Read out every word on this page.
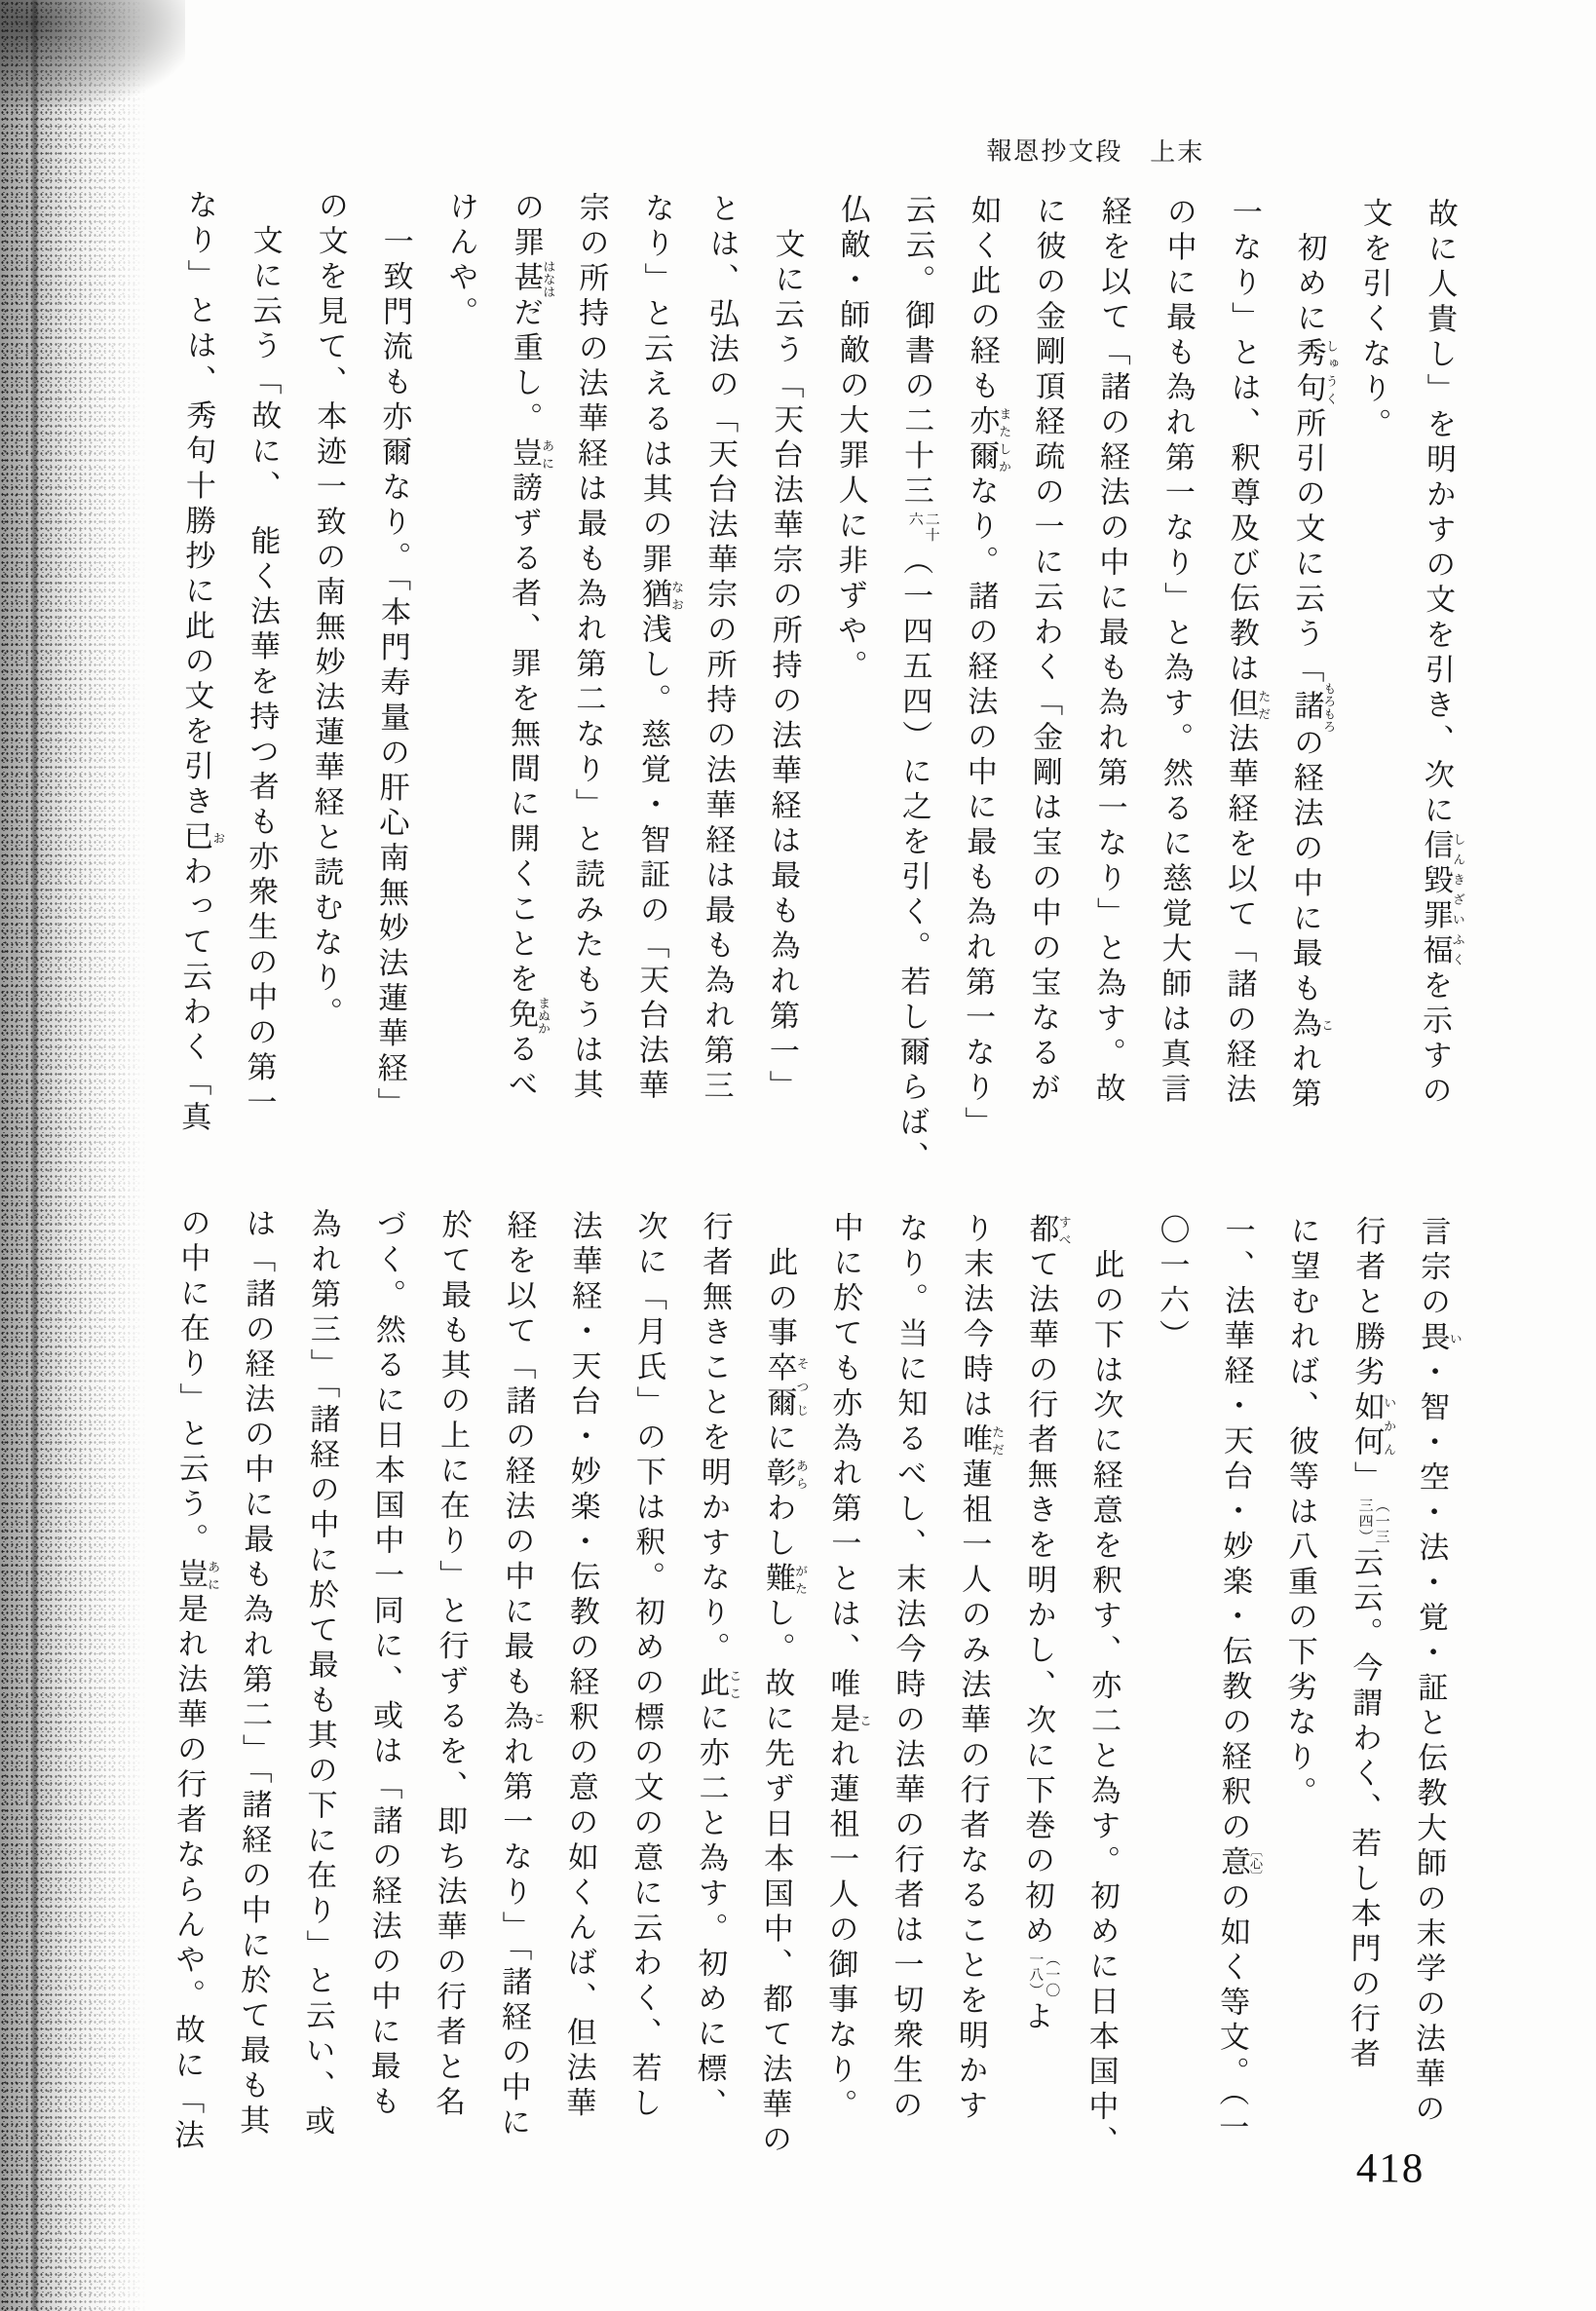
報恩抄文段　上末
故に人貴し」を明かすの文を引き、次に信毀罪福しんきざいふくを示すの
文を引くなり。
　初めに秀句しゅうく所引の文に云う「諸もろもろの経法の中に最も為これ第
一なり」とは、釈尊及び伝教は但ただ法華経を以て「諸の経法
の中に最も為れ第一なり」と為す。然るに慈覚大師は真言
経を以て「諸の経法の中に最も為れ第一なり」と為す。故
に彼の金剛頂経疏の一に云わく「金剛は宝の中の宝なるが
如く此の経も亦爾またしかなり。諸の経法の中に最も為れ第一なり」
云云。御書の二十三
二十
六
（一四五四）に之を引く。若し爾らば、
仏敵・師敵の大罪人に非ずや。
　文に云う「天台法華宗の所持の法華経は最も為れ第一」
とは、弘法の「天台法華宗の所持の法華経は最も為れ第三
なり」と云えるは其の罪猶なお浅し。慈覚・智証の「天台法華
宗の所持の法華経は最も為れ第二なり」と読みたもうは其
の罪甚はなはだ重し。豈あに謗ずる者、罪を無間に開くことを免まぬかるべ
けんや。
　一致門流も亦爾なり。「本門寿量の肝心南無妙法蓮華経」
の文を見て、本迹一致の南無妙法蓮華経と読むなり。
　文に云う「故に、　能く法華を持つ者も亦衆生の中の第一
なり」とは、秀句十勝抄に此の文を引き已おわって云わく「真
言宗の畏い・智・空・法・覚・証と伝教大師の末学の法華の
行者と勝劣如何いかん」
（一三
三四）
云云。今謂わく、若し本門の行者
に望むれば、彼等は八重の下劣なり。
一、法華経・天台・妙楽・伝教の経釈の意〔心〕の如く等文。（一
〇一六）
　此の下は次に経意を釈す、亦二と為す。初めに日本国中、
都すべて法華の行者無きを明かし、次に下巻の初め
（一〇
一八）
よ
り末法今時は唯ただ蓮祖一人のみ法華の行者なることを明かす
なり。当に知るべし、末法今時の法華の行者は一切衆生の
中に於ても亦為れ第一とは、唯是これ蓮祖一人の御事なり。
　此の事卒爾そつじに彰あらわし難がたし。故に先ず日本国中、都て法華の
行者無きことを明かすなり。此ここに亦二と為す。初めに標、
次に「月氏」の下は釈。初めの標の文の意に云わく、若し
法華経・天台・妙楽・伝教の経釈の意の如くんば、但法華
経を以て「諸の経法の中に最も為これ第一なり」「諸経の中に
於て最も其の上に在り」と行ずるを、即ち法華の行者と名
づく。然るに日本国中一同に、或は「諸の経法の中に最も
為れ第三」「諸経の中に於て最も其の下に在り」と云い、或
は「諸の経法の中に最も為れ第二」「諸経の中に於て最も其
の中に在り」と云う。豈あに是れ法華の行者ならんや。故に「法
418
